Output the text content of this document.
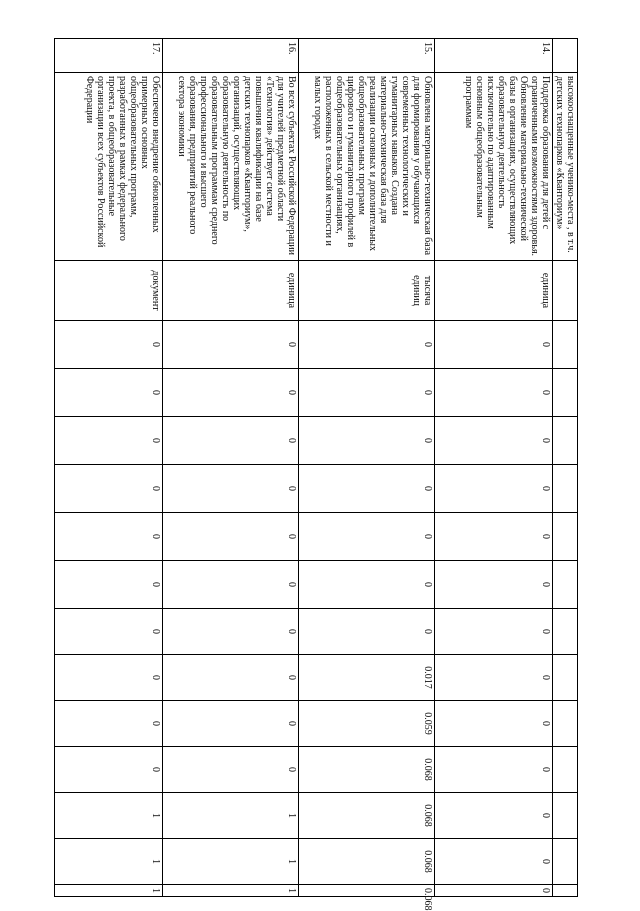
	высокооснащенные ученико-места , в т.ч. детских технопарков «Кванториум»															
14.	Поддержка образования для детей с ограниченными возможностями здоровья. Обновление материально-технической базы в организациях, осуществляющих образовательную деятельность исключительно по адаптированным основным общеобразовательным программам	единица	0	0	0	0	0	0	0	0	0	0	0	0	0	
15.	Обновлена материально-техническая база для формирования у обучающихся современных технологических и гуманитарных навыков. Создана материально-техническая база для реализации основных и дополнительных общеобразовательных программ цифрового и гуманитарного профилей в общеобразовательных организациях, расположенных в сельской местности и малых городах	тысяча единиц	0	0	0	0	0	0	0	0.017	0.059	0.068	0.068	0.068	0.068	
16.	Во всех субъектах Российской Федерации для учителей предметной области «Технология» действует система повышения квалификации на базе детских технопарков «Кванториум», организаций, осуществляющих образовательную деятельность по образовательным программам среднего профессионального и высшего образования, предприятий реального сектора экономики	единица	0	0	0	0	0	0	0	0	0	0	1	1	1	
17.	Обеспечено внедрение обновленных примерных основных общеобразовательных программ, разработанных в рамках федерального проекта, в общеобразовательные организации всех субъектов Российской Федерации	документ	0	0	0	0	0	0	0	0	0	0	1	1	1	
